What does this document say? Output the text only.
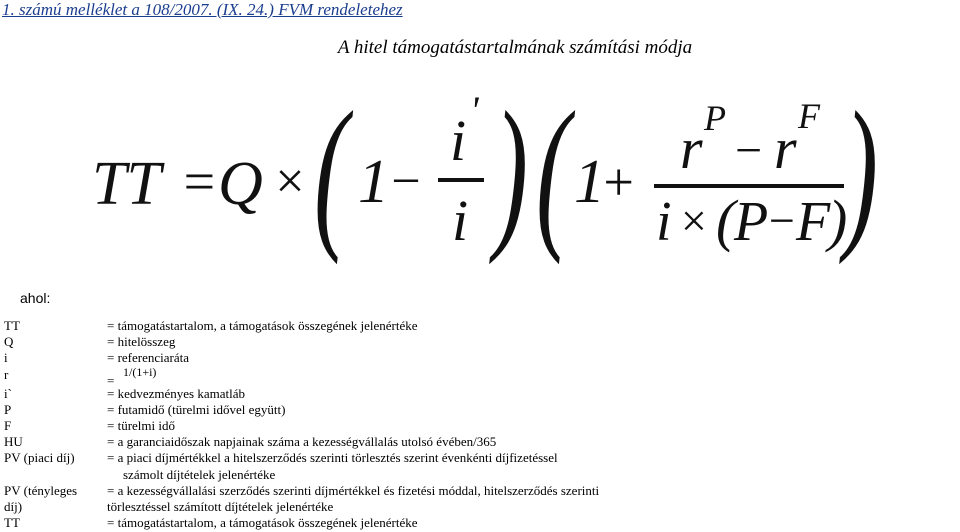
1. számú melléklet a 108/2007. (IX. 24.) FVM rendeletehez
A hitel támogatástartalmának számítási módja
TT = Q × ( 1 −
i '
i ) ( 1
+
r P
− r F
i × (
P
−
F
)
)
ahol:
TT	= támogatástartalom, a támogatások összegének jelenértéke
Q	= hitelösszeg
i	= referenciaráta
r	=
1/(1+i)
i`	= kedvezményes kamatláb
P	= futamidő (türelmi idővel együtt)
F	= türelmi idő
HU	= a garanciaidőszak napjainak száma a kezességvállalás utolsó évében/365
PV (piaci díj) = a piaci díjmértékkel a hitelszerződés szerinti törlesztés szerint évenkénti díjfizetéssel
számolt díjtételek jelenértéke
PV (tényleges = a kezességvállalási szerződés szerinti díjmértékkel és fizetési móddal, hitelszerződés szerinti
díj)	törlesztéssel számított díjtételek jelenértéke
TT	= támogatástartalom, a támogatások összegének jelenértéke
